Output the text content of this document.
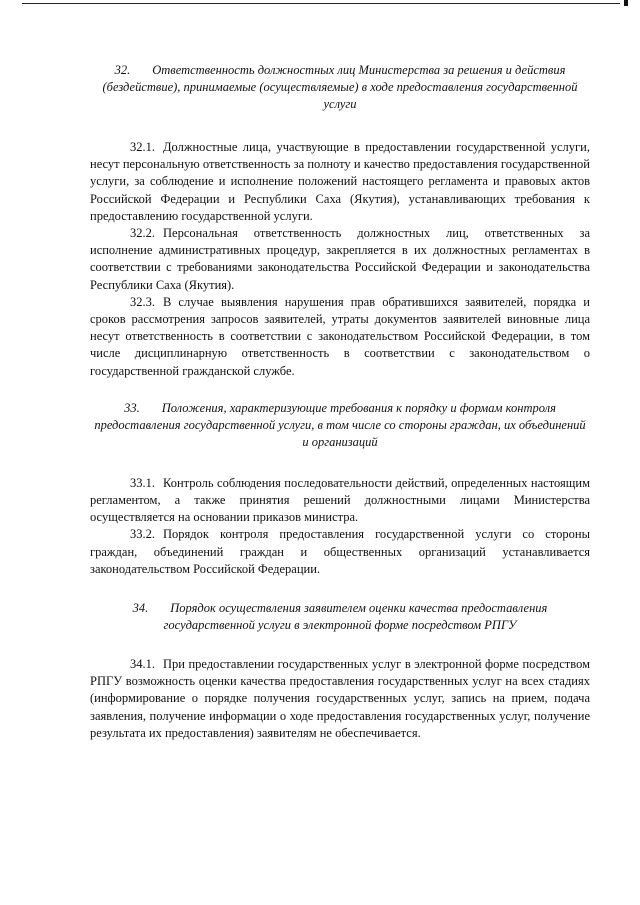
32. Ответственность должностных лиц Министерства за решения и действия (бездействие), принимаемые (осуществляемые) в ходе предоставления государственной услуги

32.1. Должностные лица, участвующие в предоставлении государственной услуги, несут персональную ответственность за полноту и качество предоставления государственной услуги, за соблюдение и исполнение положений настоящего регламента и правовых актов Российской Федерации и Республики Саха (Якутия), устанавливающих требования к предоставлению государственной услуги.

32.2. Персональная ответственность должностных лиц, ответственных за исполнение административных процедур, закрепляется в их должностных регламентах в соответствии с требованиями законодательства Российской Федерации и законодательства Республики Саха (Якутия).

32.3. В случае выявления нарушения прав обратившихся заявителей, порядка и сроков рассмотрения запросов заявителей, утраты документов заявителей виновные лица несут ответственность в соответствии с законодательством Российской Федерации, в том числе дисциплинарную ответственность в соответствии с законодательством о государственной гражданской службе.

33. Положения, характеризующие требования к порядку и формам контроля предоставления государственной услуги, в том числе со стороны граждан, их объединений и организаций

33.1. Контроль соблюдения последовательности действий, определенных настоящим регламентом, а также принятия решений должностными лицами Министерства осуществляется на основании приказов министра.

33.2. Порядок контроля предоставления государственной услуги со стороны граждан, объединений граждан и общественных организаций устанавливается законодательством Российской Федерации.

34. Порядок осуществления заявителем оценки качества предоставления государственной услуги в электронной форме посредством РПГУ

34.1. При предоставлении государственных услуг в электронной форме посредством РПГУ возможность оценки качества предоставления государственных услуг на всех стадиях (информирование о порядке получения государственных услуг, запись на прием, подача заявления, получение информации о ходе предоставления государственных услуг, получение результата их предоставления) заявителям не обеспечивается.
